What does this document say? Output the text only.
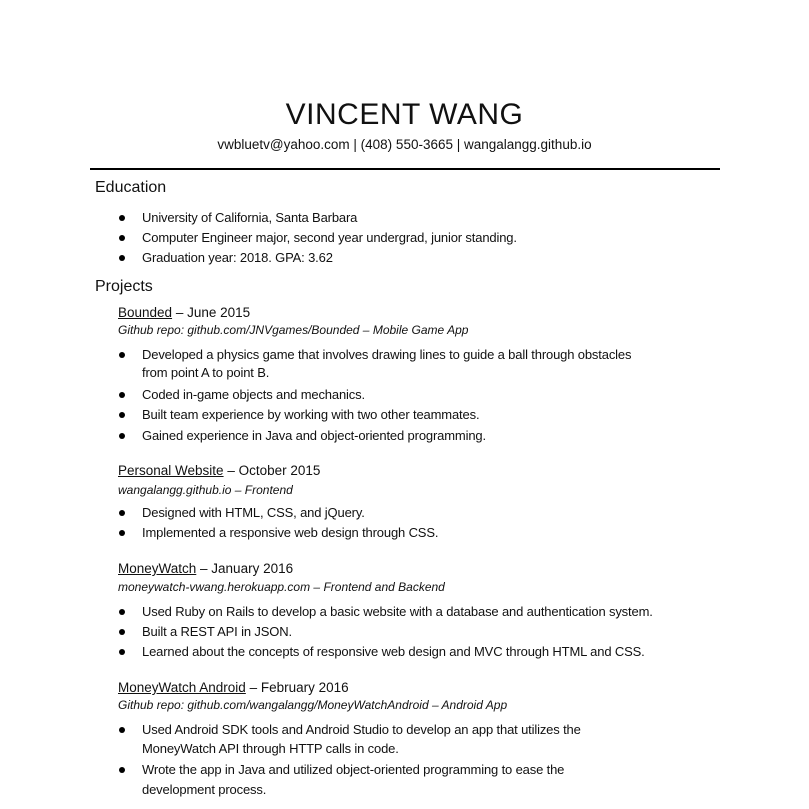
VINCENT WANG
vwbluetv@yahoo.com | (408) 550-3665 | wangalangg.github.io
Education
University of California, Santa Barbara
Computer Engineer major, second year undergrad, junior standing.
Graduation year: 2018. GPA: 3.62
Projects
Bounded – June 2015
Github repo: github.com/JNVgames/Bounded – Mobile Game App
Developed a physics game that involves drawing lines to guide a ball through obstacles
from point A to point B.
Coded in-game objects and mechanics.
Built team experience by working with two other teammates.
Gained experience in Java and object-oriented programming.
Personal Website – October 2015
wangalangg.github.io – Frontend
Designed with HTML, CSS, and jQuery.
Implemented a responsive web design through CSS.
MoneyWatch – January 2016
moneywatch-vwang.herokuapp.com – Frontend and Backend
Used Ruby on Rails to develop a basic website with a database and authentication system.
Built a REST API in JSON.
Learned about the concepts of responsive web design and MVC through HTML and CSS.
MoneyWatch Android – February 2016
Github repo: github.com/wangalangg/MoneyWatchAndroid – Android App
Used Android SDK tools and Android Studio to develop an app that utilizes the
MoneyWatch API through HTTP calls in code.
Wrote the app in Java and utilized object-oriented programming to ease the
development process.
